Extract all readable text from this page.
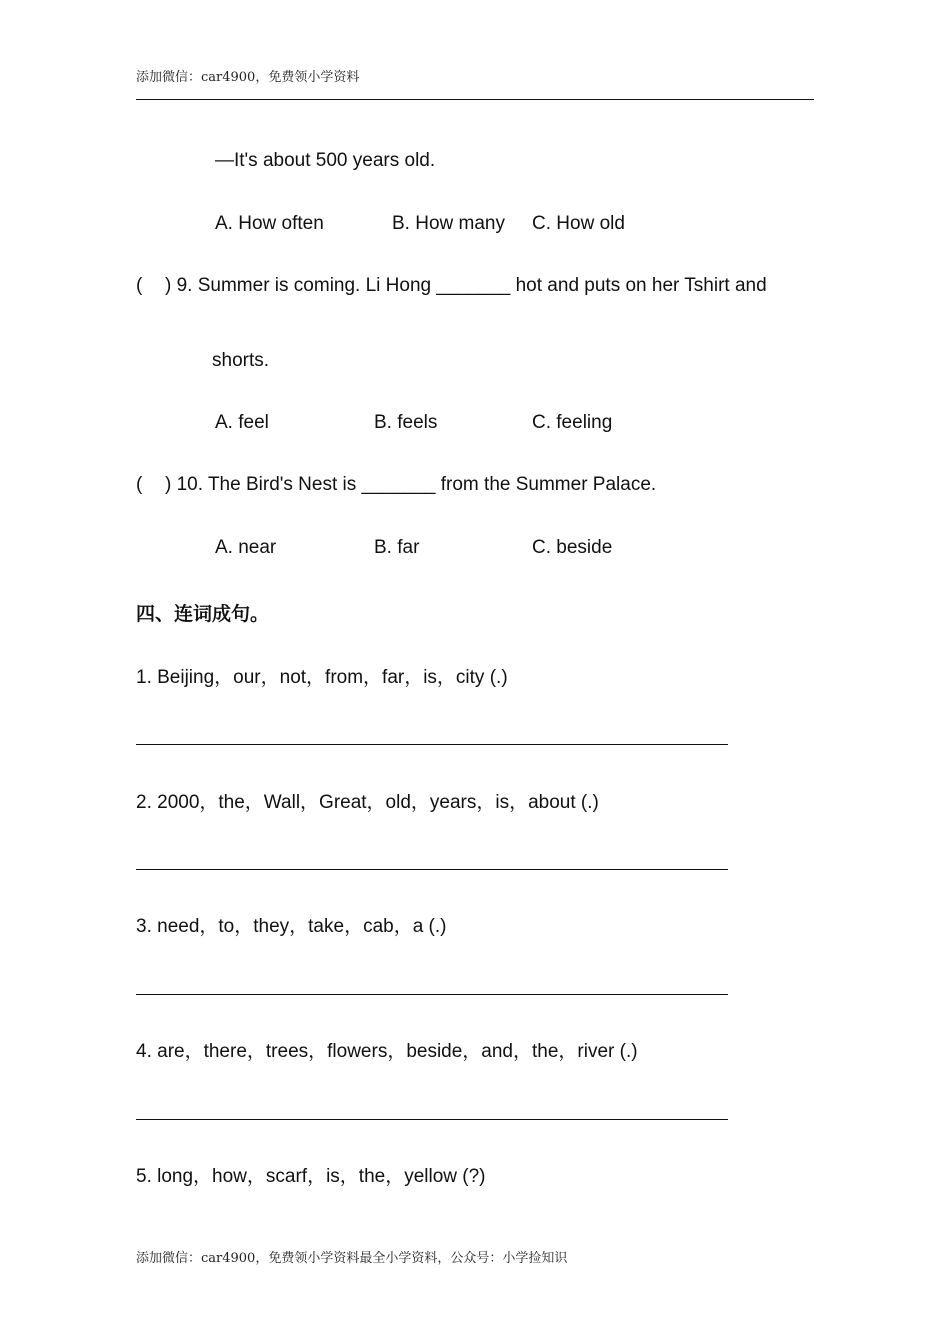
添加微信：car4900，免费领小学资料
—It's about 500 years old.
A. How often	B. How many C. How old
( ) 9. Summer is coming. Li Hong _______ hot and puts on her Tshirt and
shorts.
A. feel	B. feels	C. feeling
( ) 10. The Bird's Nest is _______ from the Summer Palace.
A. near	B. far	C. beside
四、连词成句。
1. Beijing，our，not，from，far，is，city (.)
2. 2000，the，Wall，Great，old，years，is，about (.)
3. need，to，they，take，cab，a (.)
4. are，there，trees，flowers，beside，and，the，river (.)
5. long，how，scarf，is，the，yellow (?)
添加微信：car4900，免费领小学资料最全小学资料，公众号：小学捡知识
